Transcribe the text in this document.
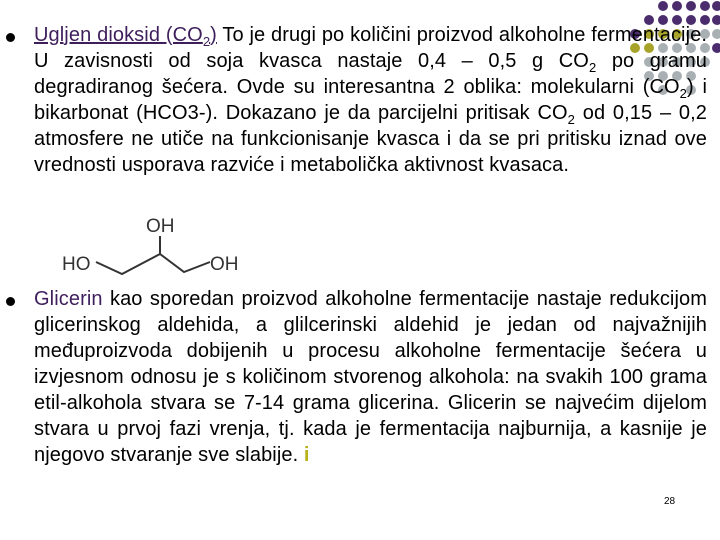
Ugljen dioksid $(CO_2)$ To je drugi po količini proizvod alkoholne fermentacije. U zavisnosti od soja kvasca nastaje 0,4 – 0,5 g $CO_2$ po gramu degradiranog šećera. Ovde su interesantna 2 oblika: molekularni $(CO_2)$ i bikarbonat (HCO3-). Dokazano je da parcijelni pritisak $CO_2$ od 0,15 – 0,2 atmosfere ne utiče na funkcionisanje kvasca i da se pri pritisku iznad ove vrednosti usporava razviće i metabolička aktivnost kvasaca.
OH
HO	OH
Glicerin kao sporedan proizvod alkoholne fermentacije nastaje redukcijom glicerinskog aldehida, a glilcerinski aldehid je jedan od najvažnijih međuproizvoda dobijenih u procesu alkoholne fermentacije šećera u izvjesnom odnosu je s količinom stvorenog alkohola: na svakih 100 grama etil-alkohola stvara se 7-14 grama glicerina. Glicerin se najvećim dijelom stvara u prvoj fazi vrenja, tj. kada je fermentacija najburnija, a kasnije je njegovo stvaranje sve slabije. i
28
